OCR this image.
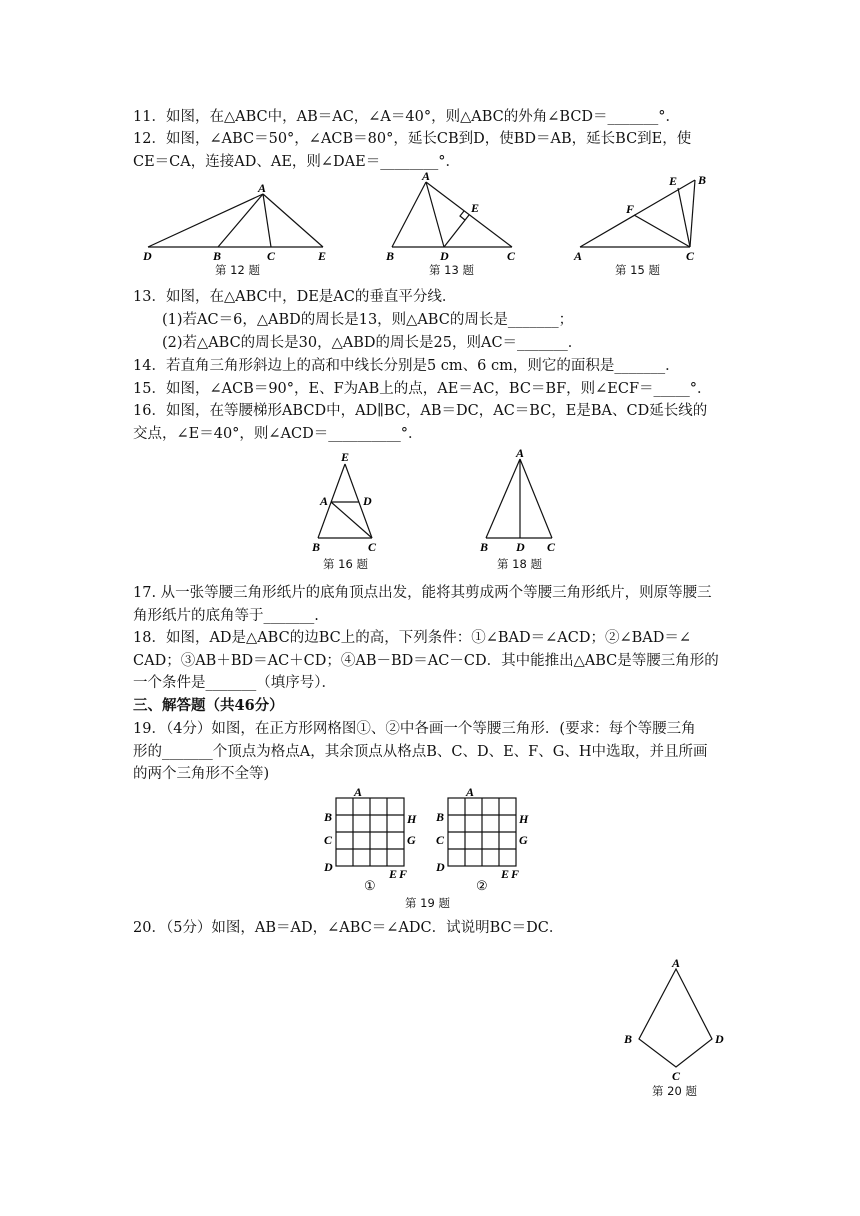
11．如图，在△ABC中，AB＝AC，∠A＝40°，则△ABC的外角∠BCD＝_______°．
12．如图，∠ABC＝50°，∠ACB＝80°，延长CB到D，使BD＝AB，延长BC到E，使
CE＝CA，连接AD、AE，则∠DAE＝________°．
A
D	B	C	E
第 12 题
A
E
B	D	C
第 13 题
B
E
F
A	C
第 15 题
13．如图，在△ABC中，DE是AC的垂直平分线．
(1)若AC＝6，△ABD的周长是13，则△ABC的周长是_______；
(2)若△ABC的周长是30，△ABD的周长是25，则AC＝_______．
14．若直角三角形斜边上的高和中线长分别是5 cm、6 cm，则它的面积是_______．
15．如图，∠ACB＝90°，E、F为AB上的点，AE＝AC，BC＝BF，则∠ECF＝_____°．
16．如图，在等腰梯形ABCD中，AD∥BC，AB＝DC，AC＝BC，E是BA、CD延长线的
交点，∠E＝40°，则∠ACD＝__________°．
E
A	D
B	C
第 16 题
A
B D C
第 18 题
17. 从一张等腰三角形纸片的底角顶点出发，能将其剪成两个等腰三角形纸片，则原等腰三
角形纸片的底角等于_______.
18．如图，AD是△ABC的边BC上的高，下列条件：①∠BAD＝∠ACD；②∠BAD＝∠
CAD；③AB＋BD＝AC＋CD；④AB－BD＝AC－CD．其中能推出△ABC是等腰三角形的
一个条件是_______（填序号）．
三、解答题（共46分）
19．（4分）如图，在正方形网格图①、②中各画一个等腰三角形．(要求：每个等腰三角
形的_______个顶点为格点A，其余顶点从格点B、C、D、E、F、G、H中选取，并且所画
的两个三角形不全等)
A
B
C
D
H
G
E F
①
A
B
C
D
H
G
E F
②
第 19 题
20．（5分）如图，AB＝AD，∠ABC＝∠ADC．试说明BC＝DC．
A
B	D
C
第 20 题
